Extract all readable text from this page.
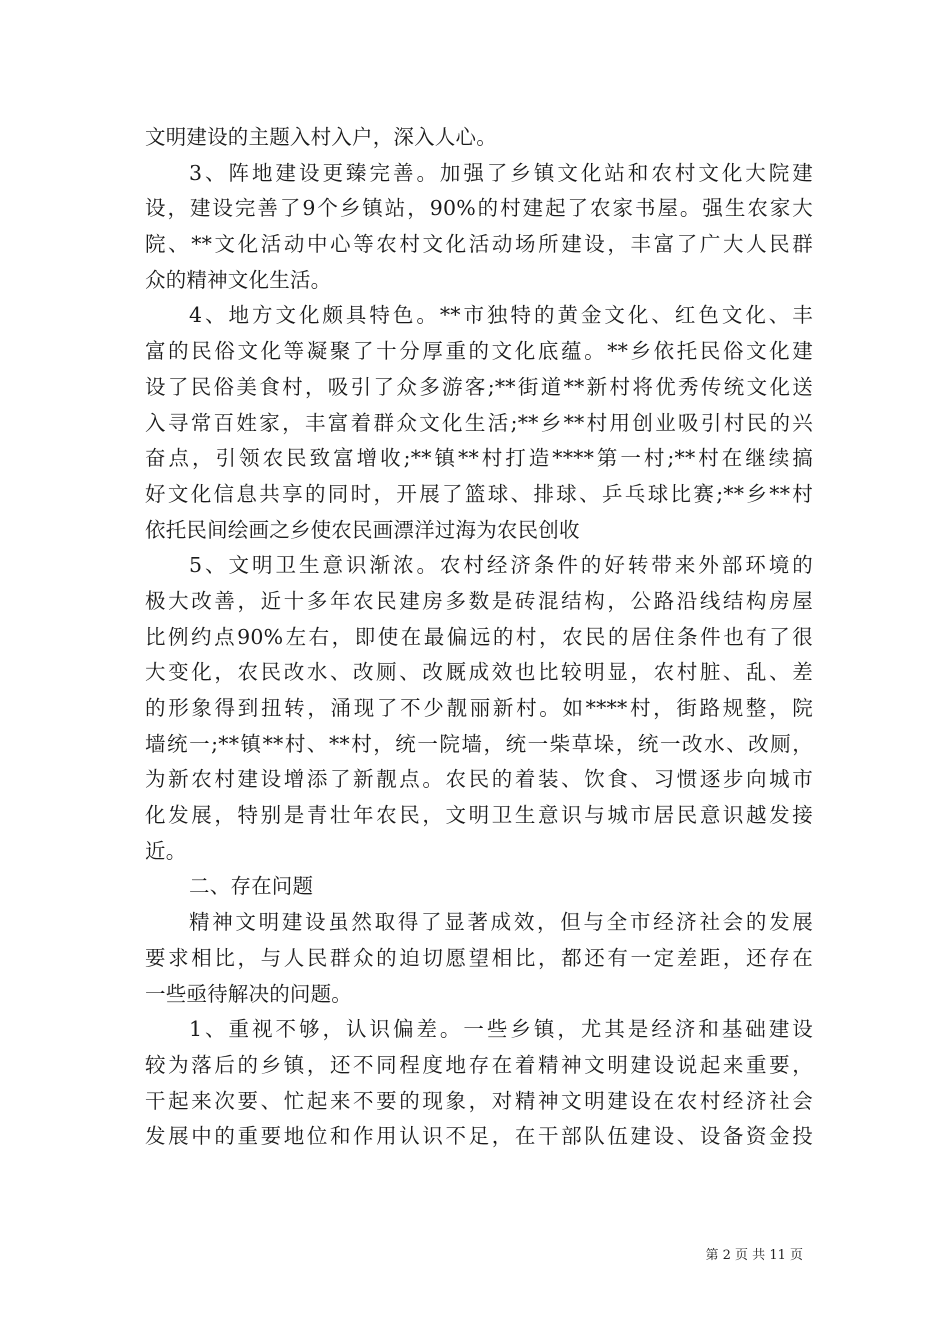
文明建设的主题入村入户，深入人心。
3、阵地建设更臻完善。加强了乡镇文化站和农村文化大院建
设，建设完善了9个乡镇站，90%的村建起了农家书屋。强生农家大
院、**文化活动中心等农村文化活动场所建设，丰富了广大人民群
众的精神文化生活。
4、地方文化颇具特色。**市独特的黄金文化、红色文化、丰
富的民俗文化等凝聚了十分厚重的文化底蕴。**乡依托民俗文化建
设了民俗美食村，吸引了众多游客;**街道**新村将优秀传统文化送
入寻常百姓家，丰富着群众文化生活;**乡**村用创业吸引村民的兴
奋点，引领农民致富增收;**镇**村打造****第一村;**村在继续搞
好文化信息共享的同时，开展了篮球、排球、乒乓球比赛;**乡**村
依托民间绘画之乡使农民画漂洋过海为农民创收
5、文明卫生意识渐浓。农村经济条件的好转带来外部环境的
极大改善，近十多年农民建房多数是砖混结构，公路沿线结构房屋
比例约点90%左右，即使在最偏远的村，农民的居住条件也有了很
大变化，农民改水、改厕、改厩成效也比较明显，农村脏、乱、差
的形象得到扭转，涌现了不少靓丽新村。如****村，街路规整，院
墙统一;**镇**村、**村，统一院墙，统一柴草垛，统一改水、改厕，
为新农村建设增添了新靓点。农民的着装、饮食、习惯逐步向城市
化发展，特别是青壮年农民，文明卫生意识与城市居民意识越发接
近。
二、存在问题
精神文明建设虽然取得了显著成效，但与全市经济社会的发展
要求相比，与人民群众的迫切愿望相比，都还有一定差距，还存在
一些亟待解决的问题。
1、重视不够，认识偏差。一些乡镇，尤其是经济和基础建设
较为落后的乡镇，还不同程度地存在着精神文明建设说起来重要，
干起来次要、忙起来不要的现象，对精神文明建设在农村经济社会
发展中的重要地位和作用认识不足，在干部队伍建设、设备资金投
第 2 页 共 11 页
